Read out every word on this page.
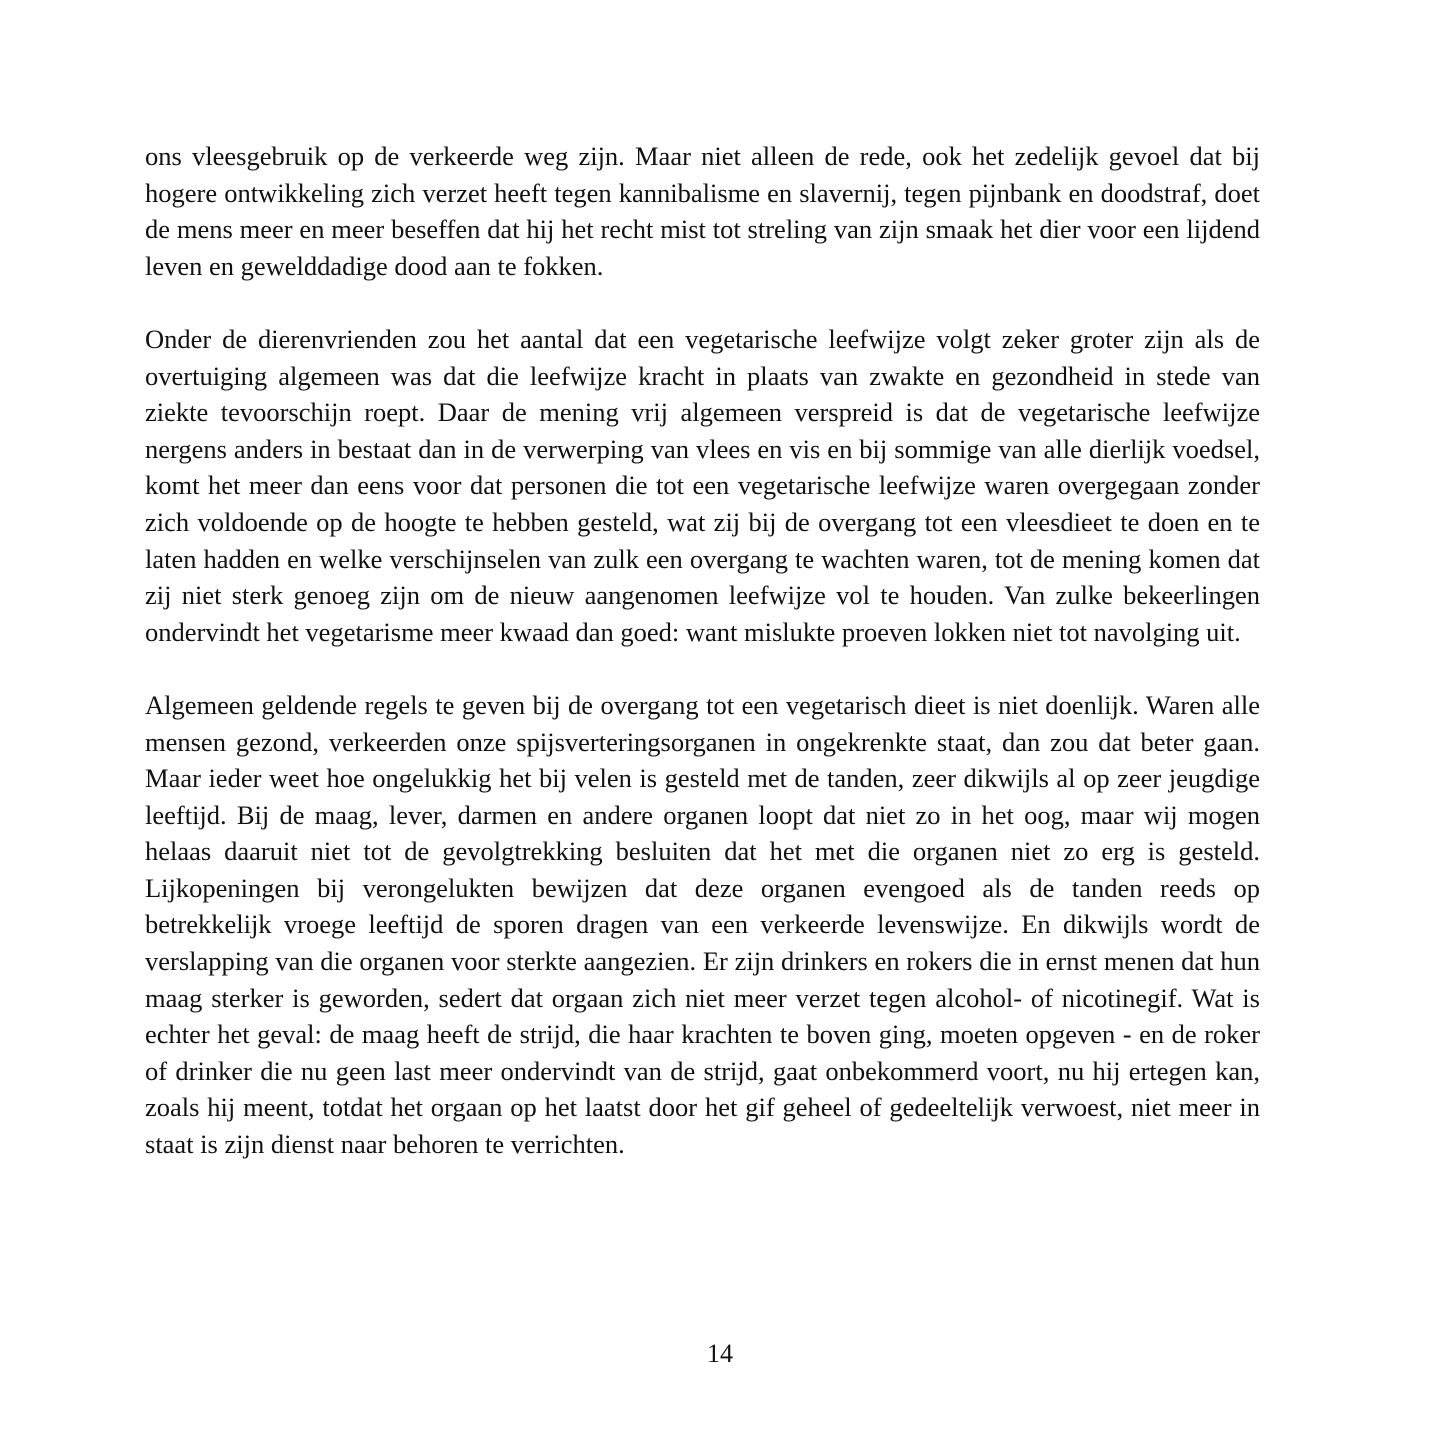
ons vleesgebruik op de verkeerde weg zijn. Maar niet alleen de rede, ook het zedelijk gevoel dat bij hogere ontwikkeling zich verzet heeft tegen kannibalisme en slavernij, tegen pijnbank en doodstraf, doet de mens meer en meer beseffen dat hij het recht mist tot streling van zijn smaak het dier voor een lijdend leven en gewelddadige dood aan te fokken.

Onder de dierenvrienden zou het aantal dat een vegetarische leefwijze volgt zeker groter zijn als de overtuiging algemeen was dat die leefwijze kracht in plaats van zwakte en gezondheid in stede van ziekte tevoorschijn roept. Daar de mening vrij algemeen verspreid is dat de vegetarische leefwijze nergens anders in bestaat dan in de verwerping van vlees en vis en bij sommige van alle dierlijk voedsel, komt het meer dan eens voor dat personen die tot een vegetarische leefwijze waren overgegaan zonder zich voldoende op de hoogte te hebben gesteld, wat zij bij de overgang tot een vleesdieet te doen en te laten hadden en welke verschijnselen van zulk een overgang te wachten waren, tot de mening komen dat zij niet sterk genoeg zijn om de nieuw aangenomen leefwijze vol te houden. Van zulke bekeerlingen ondervindt het vegetarisme meer kwaad dan goed: want mislukte proeven lokken niet tot navolging uit.

Algemeen geldende regels te geven bij de overgang tot een vegetarisch dieet is niet doenlijk. Waren alle mensen gezond, verkeerden onze spijsverteringsorganen in ongekrenkte staat, dan zou dat beter gaan. Maar ieder weet hoe ongelukkig het bij velen is gesteld met de tanden, zeer dikwijls al op zeer jeugdige leeftijd. Bij de maag, lever, darmen en andere organen loopt dat niet zo in het oog, maar wij mogen helaas daaruit niet tot de gevolgtrekking besluiten dat het met die organen niet zo erg is gesteld. Lijkopeningen bij verongelukten bewijzen dat deze organen evengoed als de tanden reeds op betrekkelijk vroege leeftijd de sporen dragen van een verkeerde levenswijze. En dikwijls wordt de verslapping van die organen voor sterkte aangezien. Er zijn drinkers en rokers die in ernst menen dat hun maag sterker is geworden, sedert dat orgaan zich niet meer verzet tegen alcohol- of nicotinegif. Wat is echter het geval: de maag heeft de strijd, die haar krachten te boven ging, moeten opgeven - en de roker of drinker die nu geen last meer ondervindt van de strijd, gaat onbekommerd voort, nu hij ertegen kan, zoals hij meent, totdat het orgaan op het laatst door het gif geheel of gedeeltelijk verwoest, niet meer in staat is zijn dienst naar behoren te verrichten.

14
